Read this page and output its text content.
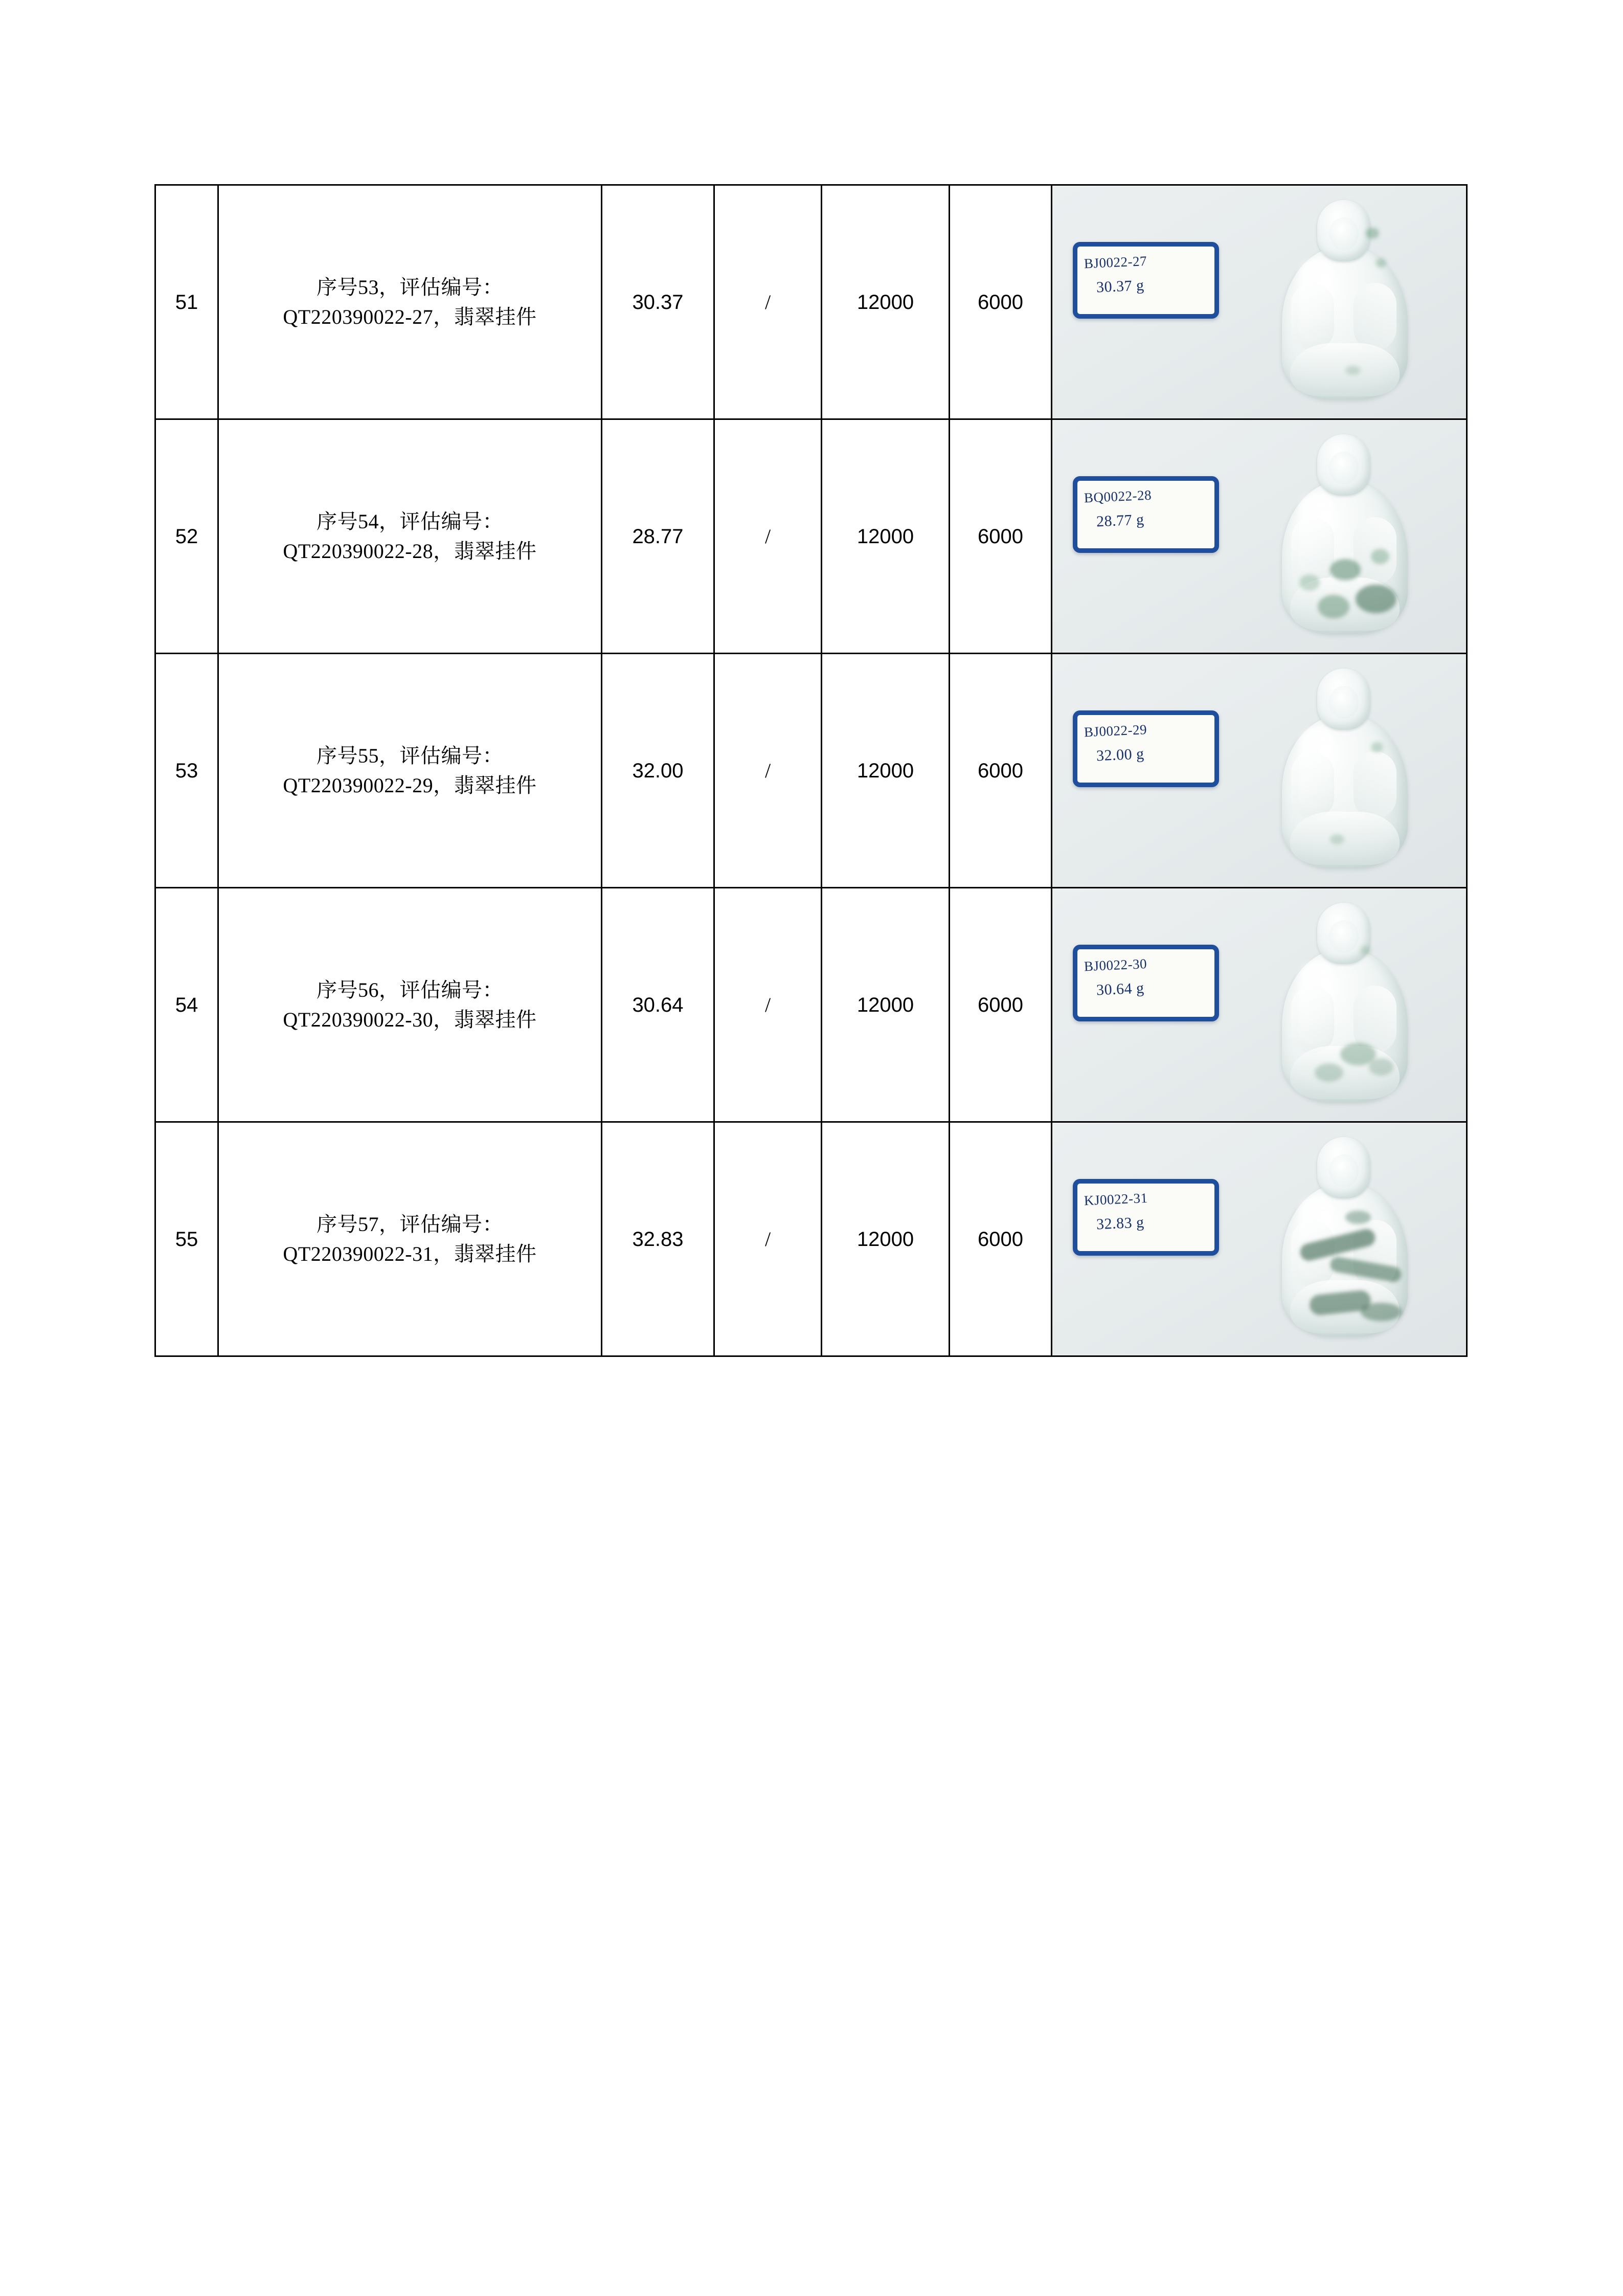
51	序号53，评估编号：
QT220390022-27，翡翠挂件	30.37	/	12000	6000	BJ0022-27
30.37 g

52	序号54，评估编号：
QT220390022-28，翡翠挂件	28.77	/	12000	6000	BQ0022-28
28.77 g

53	序号55，评估编号：
QT220390022-29，翡翠挂件	32.00	/	12000	6000	BJ0022-29
32.00 g

54	序号56，评估编号：
QT220390022-30，翡翠挂件	30.64	/	12000	6000	BJ0022-30
30.64 g

55	序号57，评估编号：
QT220390022-31，翡翠挂件	32.83	/	12000	6000	KJ0022-31
32.83 g
